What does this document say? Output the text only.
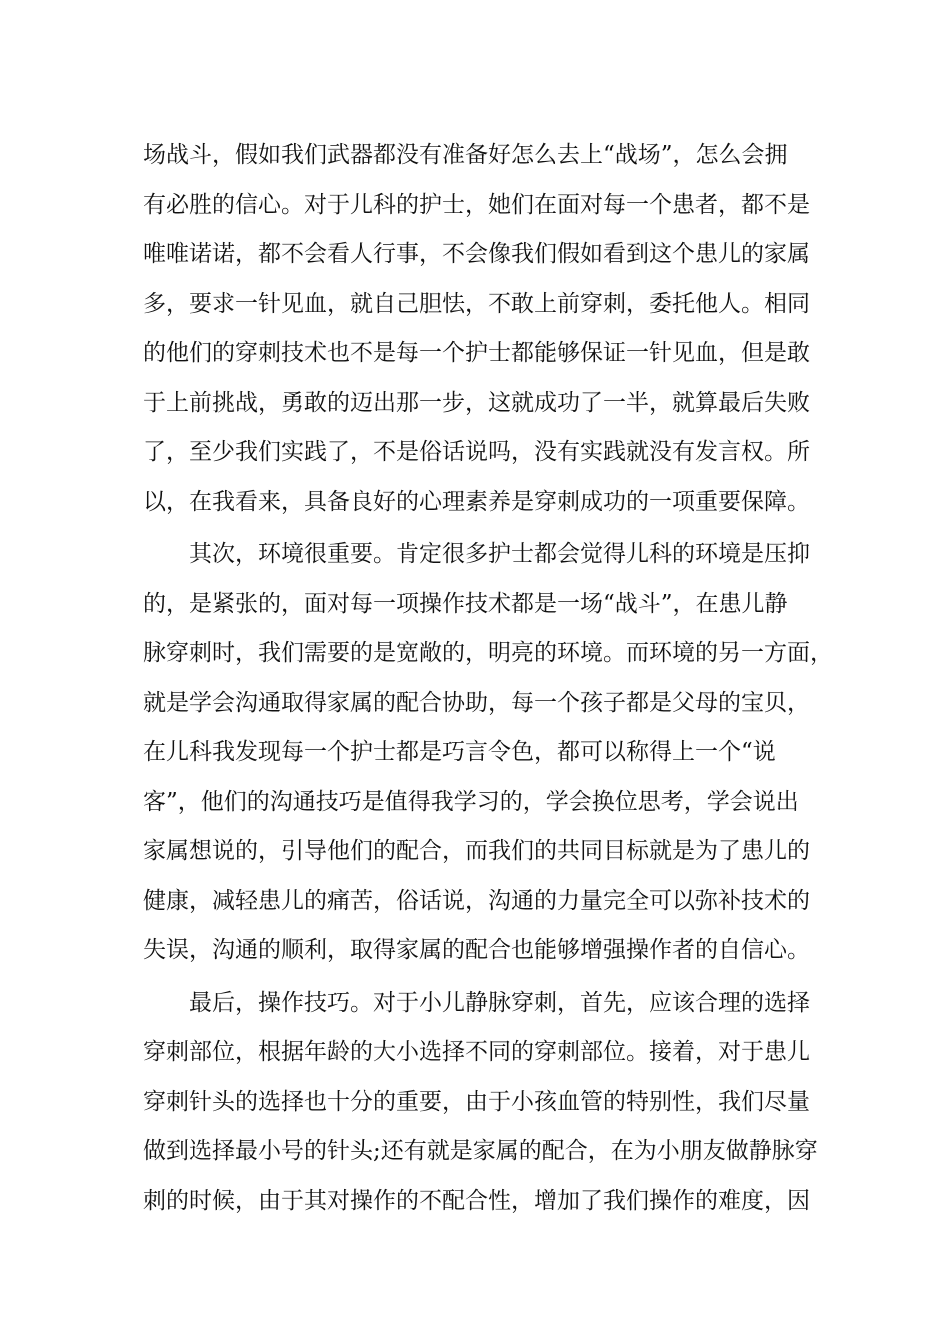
场战斗，假如我们武器都没有准备好怎么去上“战场”，怎么会拥
有必胜的信心。对于儿科的护士，她们在面对每一个患者，都不是
唯唯诺诺，都不会看人行事，不会像我们假如看到这个患儿的家属
多，要求一针见血，就自己胆怯，不敢上前穿刺，委托他人。相同
的他们的穿刺技术也不是每一个护士都能够保证一针见血，但是敢
于上前挑战，勇敢的迈出那一步，这就成功了一半，就算最后失败
了，至少我们实践了，不是俗话说吗，没有实践就没有发言权。所
以，在我看来，具备良好的心理素养是穿刺成功的一项重要保障。
其次，环境很重要。肯定很多护士都会觉得儿科的环境是压抑
的，是紧张的，面对每一项操作技术都是一场“战斗”，在患儿静
脉穿刺时，我们需要的是宽敞的，明亮的环境。而环境的另一方面，
就是学会沟通取得家属的配合协助，每一个孩子都是父母的宝贝，
在儿科我发现每一个护士都是巧言令色，都可以称得上一个“说
客”，他们的沟通技巧是值得我学习的，学会换位思考，学会说出
家属想说的，引导他们的配合，而我们的共同目标就是为了患儿的
健康，减轻患儿的痛苦，俗话说，沟通的力量完全可以弥补技术的
失误，沟通的顺利，取得家属的配合也能够增强操作者的自信心。
最后，操作技巧。对于小儿静脉穿刺，首先，应该合理的选择
穿刺部位，根据年龄的大小选择不同的穿刺部位。接着，对于患儿
穿刺针头的选择也十分的重要，由于小孩血管的特别性，我们尽量
做到选择最小号的针头;还有就是家属的配合，在为小朋友做静脉穿
刺的时候，由于其对操作的不配合性，增加了我们操作的难度，因
